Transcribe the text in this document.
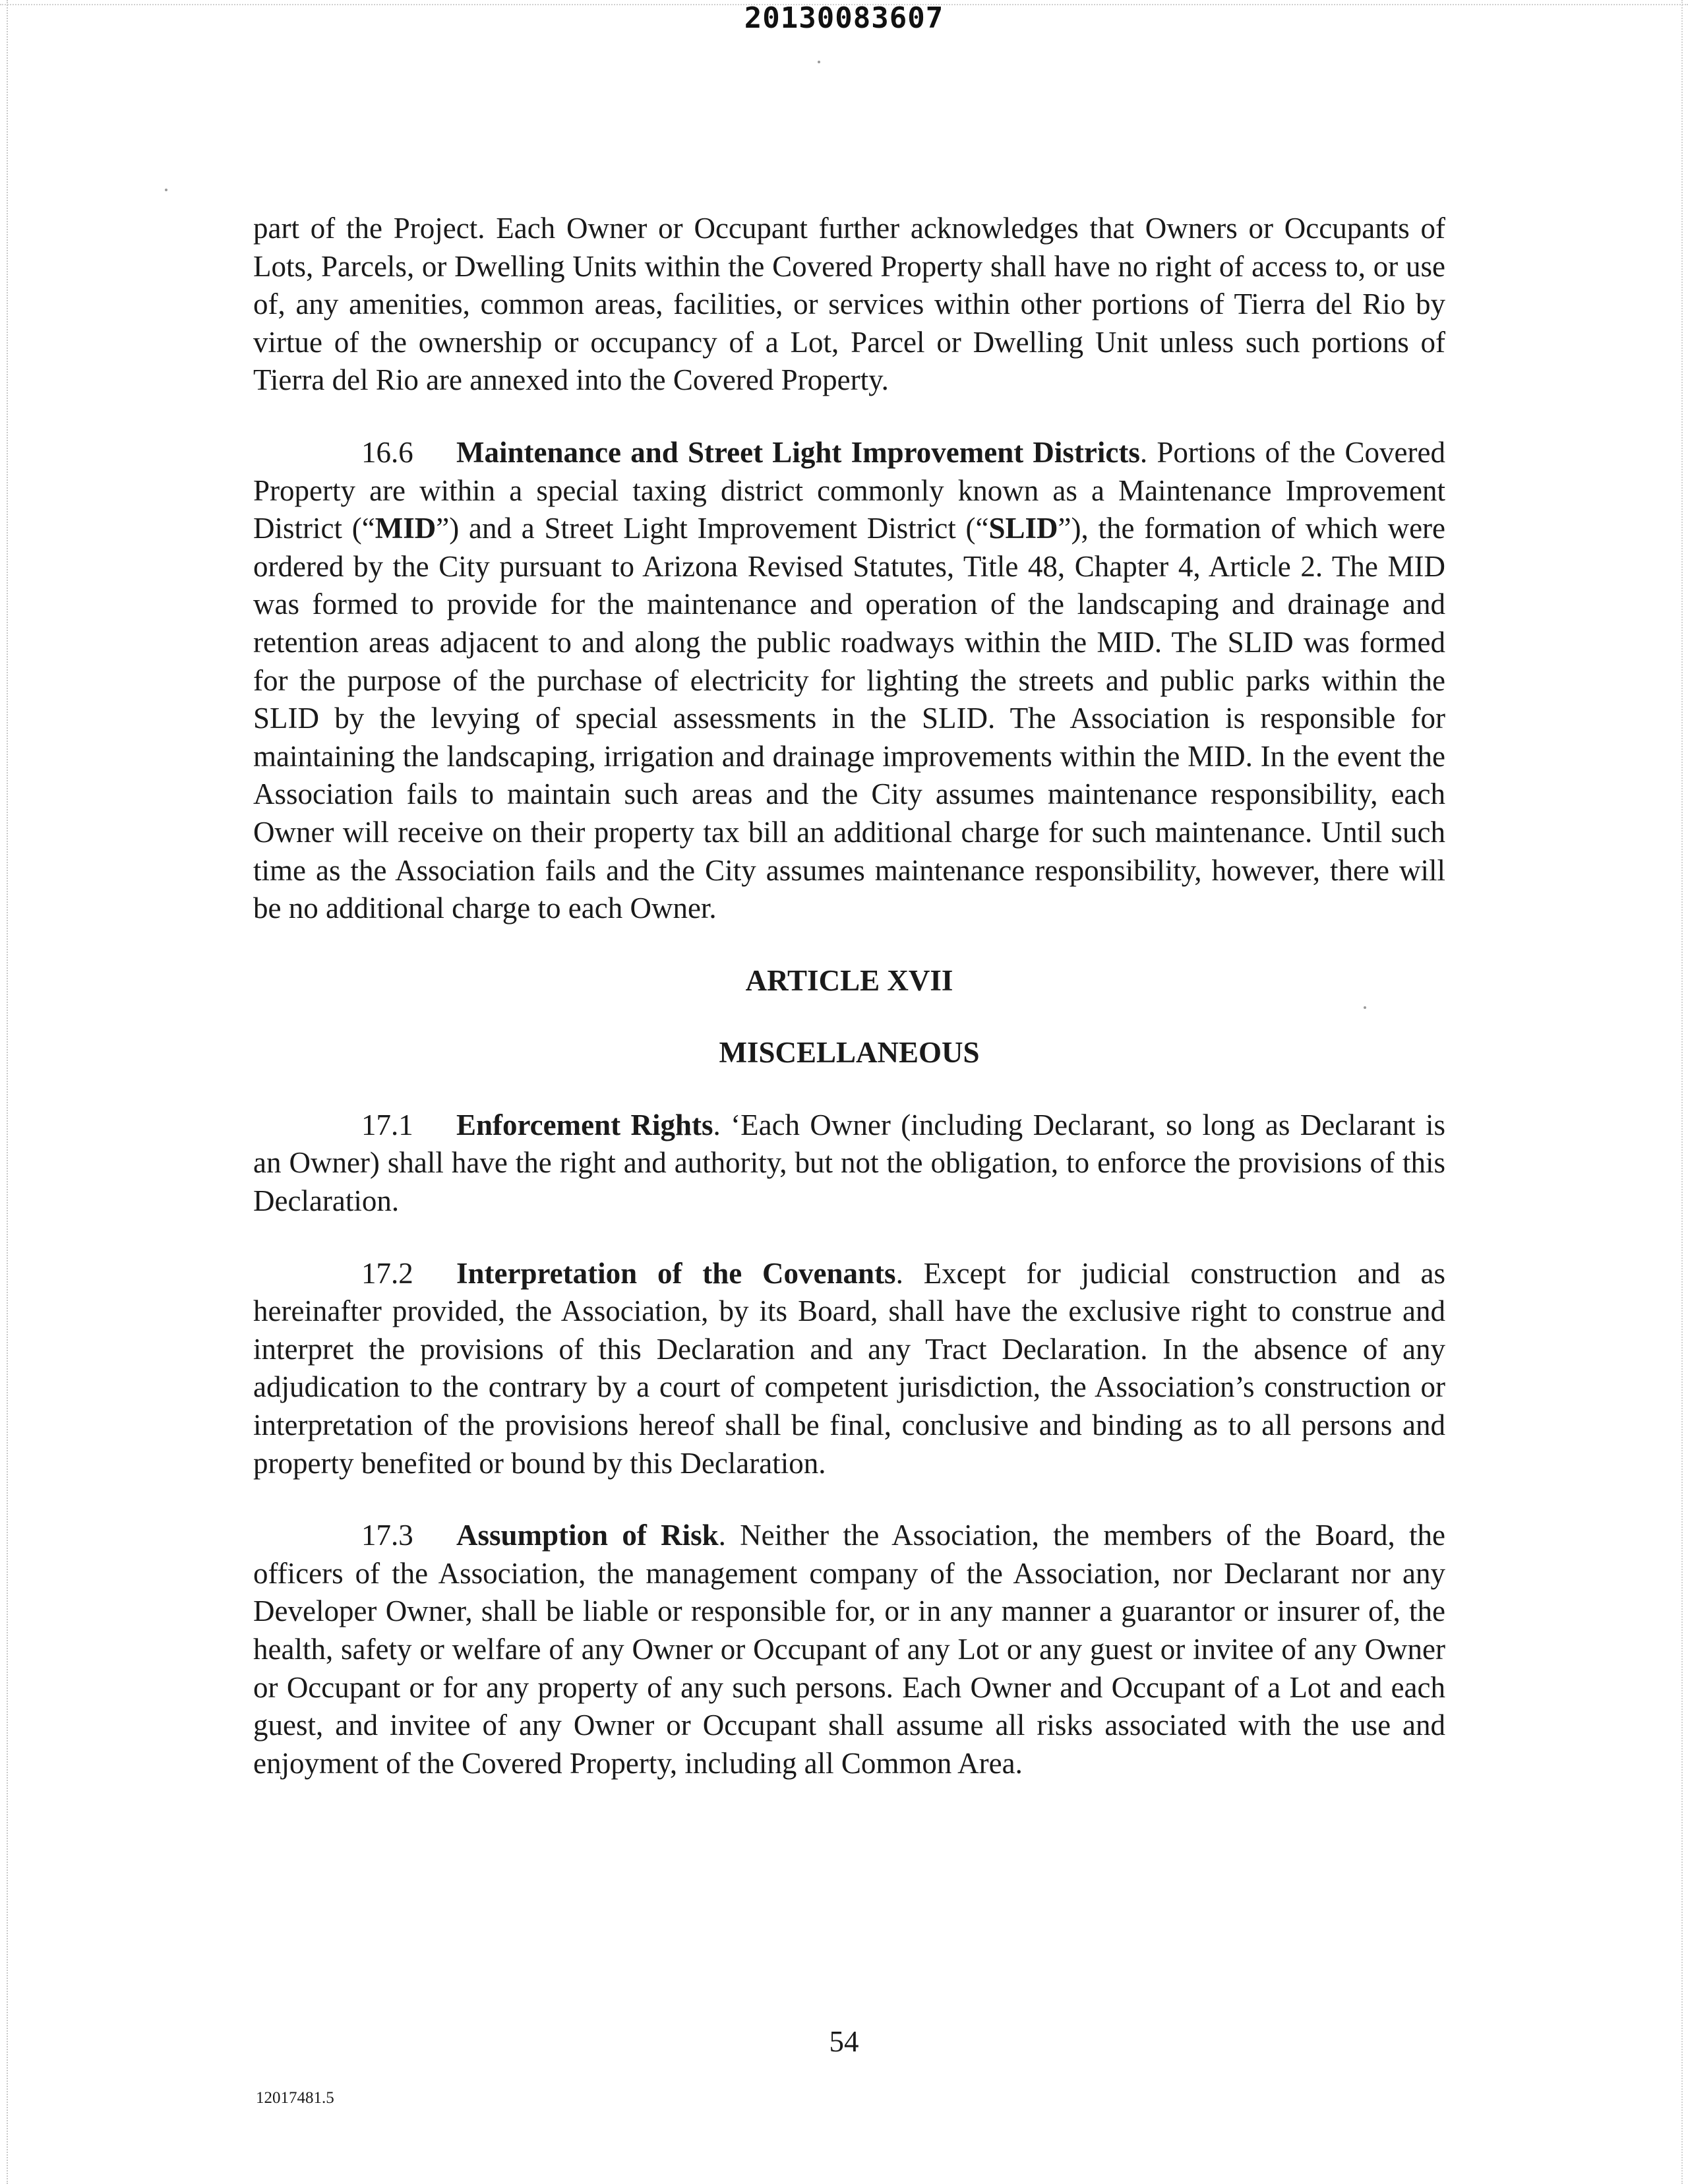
20130083607

part of the Project. Each Owner or Occupant further acknowledges that Owners or Occupants of Lots, Parcels, or Dwelling Units within the Covered Property shall have no right of access to, or use of, any amenities, common areas, facilities, or services within other portions of Tierra del Rio by virtue of the ownership or occupancy of a Lot, Parcel or Dwelling Unit unless such portions of Tierra del Rio are annexed into the Covered Property.

16.6 Maintenance and Street Light Improvement Districts. Portions of the Covered Property are within a special taxing district commonly known as a Maintenance Improvement District (“MID”) and a Street Light Improvement District (“SLID”), the formation of which were ordered by the City pursuant to Arizona Revised Statutes, Title 48, Chapter 4, Article 2. The MID was formed to provide for the maintenance and operation of the landscaping and drainage and retention areas adjacent to and along the public roadways within the MID. The SLID was formed for the purpose of the purchase of electricity for lighting the streets and public parks within the SLID by the levying of special assessments in the SLID. The Association is responsible for maintaining the landscaping, irrigation and drainage improvements within the MID. In the event the Association fails to maintain such areas and the City assumes maintenance responsibility, each Owner will receive on their property tax bill an additional charge for such maintenance. Until such time as the Association fails and the City assumes maintenance responsibility, however, there will be no additional charge to each Owner.

ARTICLE XVII

MISCELLANEOUS

17.1 Enforcement Rights. ‘Each Owner (including Declarant, so long as Declarant is an Owner) shall have the right and authority, but not the obligation, to enforce the provisions of this Declaration.

17.2 Interpretation of the Covenants. Except for judicial construction and as hereinafter provided, the Association, by its Board, shall have the exclusive right to construe and interpret the provisions of this Declaration and any Tract Declaration. In the absence of any adjudication to the contrary by a court of competent jurisdiction, the Association’s construction or interpretation of the provisions hereof shall be final, conclusive and binding as to all persons and property benefited or bound by this Declaration.

17.3 Assumption of Risk. Neither the Association, the members of the Board, the officers of the Association, the management company of the Association, nor Declarant nor any Developer Owner, shall be liable or responsible for, or in any manner a guarantor or insurer of, the health, safety or welfare of any Owner or Occupant of any Lot or any guest or invitee of any Owner or Occupant or for any property of any such persons. Each Owner and Occupant of a Lot and each guest, and invitee of any Owner or Occupant shall assume all risks associated with the use and enjoyment of the Covered Property, including all Common Area.

54
12017481.5
